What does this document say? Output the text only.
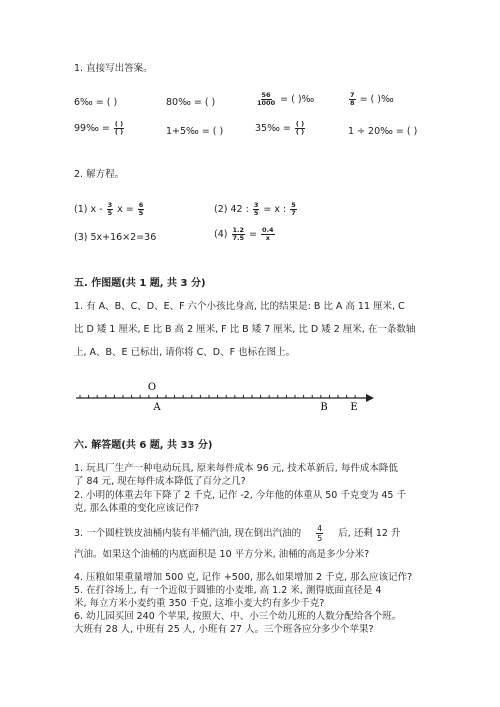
1. 直接写出答案。
6‰ = ( )	80‰ = ( )	$\frac{56}{1000}$ = ( )‰	$\frac{7}{8}$ = ( )‰
99‰ = $\frac{( )}{( )}$	1+5‰ = ( )	35‰ = $\frac{( )}{( )}$	1 ÷ 20‰ = ( )
2. 解方程。
(1) x - $\frac{3}{5}$ $x = \frac{6}{5}$	(2) 42 : $\frac{3}{5} = x$ : $\frac{5}{7}$
(3) 5x+16×2=36	$(4) \frac{1.2}{7.5} = \frac{0.4}{x}$
五. 作图题(共 1 题, 共 3 分)
1. 有 A、B、C、D、E、F 六个小孩比身高, 比的结果是: B 比 A 高 11 厘米, C
比 D 矮 1 厘米, E 比 B 高 2 厘米, F 比 B 矮 7 厘米, 比 D 矮 2 厘米, 在一条数轴
上, A、B、E 已标出, 请你将 C、D、F 也标在图上。
O
A	B E
六. 解答题(共 6 题, 共 33 分)
1. 玩具厂生产一种电动玩具, 原来每件成本 96 元, 技术革新后, 每件成本降低
了 84 元, 现在每件成本降低了百分之几?
2. 小明的体重去年下降了 2 千克, 记作 -2, 今年他的体重从 50 千克变为 45 千
克, 那么体重的变化应该记作?
3. 一个圆柱铁皮油桶内装有半桶汽油, 现在倒出汽油的 $\frac{4}{5}$ 后, 还剩 12 升
汽油。如果这个油桶的内底面积是 10 平方分米, 油桶的高是多少分米?
4. 压粮如果重量增加 500 克, 记作 +500, 那么如果增加 2 千克, 那么应该记作?
5. 在打谷场上, 有一个近似于圆锥的小麦堆, 高 1.2 米, 测得底面直径是 4
米, 每立方米小麦约重 350 千克, 这堆小麦大约有多少千克?
6. 幼儿园买回 240 个苹果, 按照大、中、小三个幼儿班的人数分配给各个班。
大班有 28 人, 中班有 25 人, 小班有 27 人。三个班各应分多少个苹果?
